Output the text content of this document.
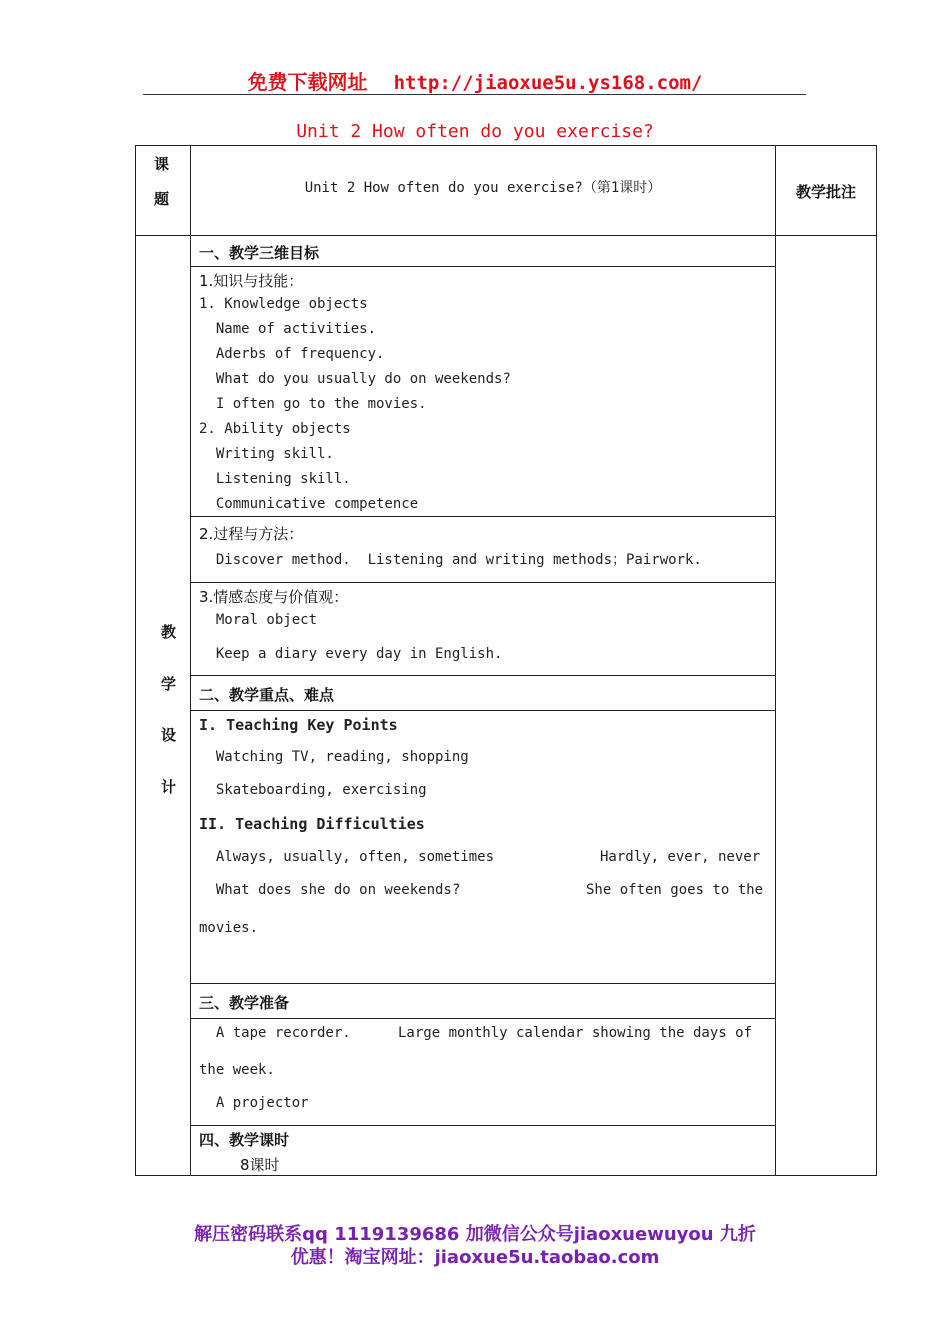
免费下载网址 http://jiaoxue5u.ys168.com/
Unit 2 How often do you exercise?
课
题
Unit 2 How often do you exercise?（第1课时）	教学批注
教
学
设
计
一、教学三维目标
1.知识与技能：
1. Knowledge objects
Name of activities.
Aderbs of frequency.
What do you usually do on weekends?
I often go to the movies.
2. Ability objects
Writing skill.
Listening skill.
Communicative competence
2.过程与方法：
Discover method.  Listening and writing methods；Pairwork.
3.情感态度与价值观：
Moral object
Keep a diary every day in English.
二、教学重点、难点
I. Teaching Key Points
Watching TV, reading, shopping
Skateboarding, exercising
II. Teaching Difficulties
Always, usually, often, sometimes	Hardly, ever, never
What does she do on weekends?	She often goes to the
movies.
三、教学准备
A tape recorder.	Large monthly calendar showing the days of
the week.
A projector
四、教学课时
8课时
解压密码联系qq 1119139686 加微信公众号jiaoxuewuyou 九折
优惠！淘宝网址：jiaoxue5u.taobao.com
